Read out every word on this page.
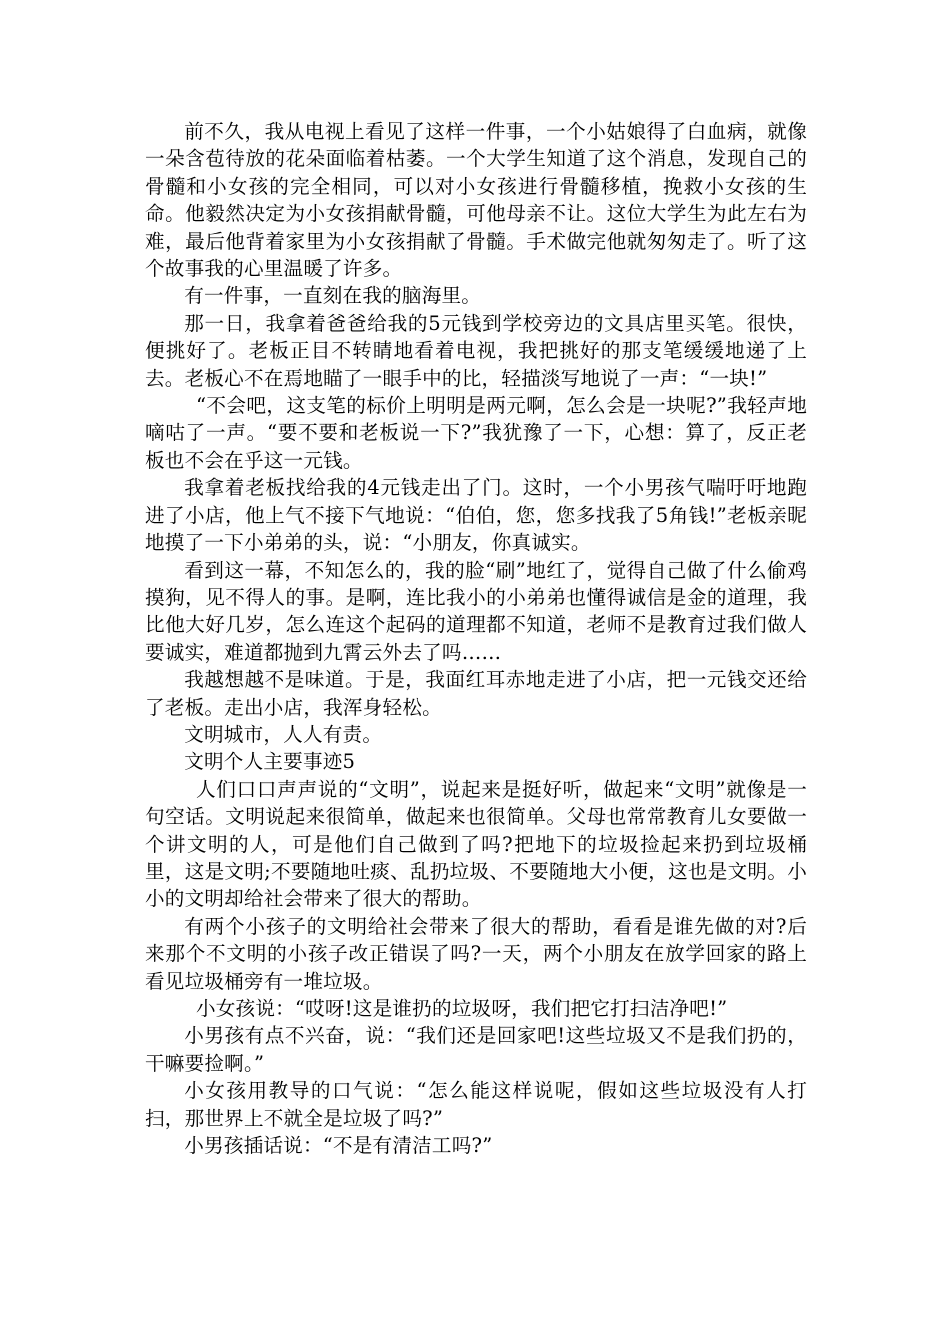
前不久，我从电视上看见了这样一件事，一个小姑娘得了白血病，就像一朵含苞待放的花朵面临着枯萎。一个大学生知道了这个消息，发现自己的骨髓和小女孩的完全相同，可以对小女孩进行骨髓移植，挽救小女孩的生命。他毅然决定为小女孩捐献骨髓，可他母亲不让。这位大学生为此左右为难，最后他背着家里为小女孩捐献了骨髓。手术做完他就匆匆走了。听了这个故事我的心里温暖了许多。

有一件事，一直刻在我的脑海里。

那一日，我拿着爸爸给我的5元钱到学校旁边的文具店里买笔。很快，便挑好了。老板正目不转睛地看着电视，我把挑好的那支笔缓缓地递了上去。老板心不在焉地瞄了一眼手中的比，轻描淡写地说了一声：“一块!”

“不会吧，这支笔的标价上明明是两元啊，怎么会是一块呢?”我轻声地嘀咕了一声。“要不要和老板说一下?”我犹豫了一下，心想：算了，反正老板也不会在乎这一元钱。

我拿着老板找给我的4元钱走出了门。这时，一个小男孩气喘吁吁地跑进了小店，他上气不接下气地说：“伯伯，您，您多找我了5角钱!”老板亲昵地摸了一下小弟弟的头，说：“小朋友，你真诚实。

看到这一幕，不知怎么的，我的脸“刷”地红了，觉得自己做了什么偷鸡摸狗，见不得人的事。是啊，连比我小的小弟弟也懂得诚信是金的道理，我比他大好几岁，怎么连这个起码的道理都不知道，老师不是教育过我们做人要诚实，难道都抛到九霄云外去了吗……

我越想越不是味道。于是，我面红耳赤地走进了小店，把一元钱交还给了老板。走出小店，我浑身轻松。

文明城市，人人有责。

文明个人主要事迹5

人们口口声声说的“文明”，说起来是挺好听，做起来“文明”就像是一句空话。文明说起来很简单，做起来也很简单。父母也常常教育儿女要做一个讲文明的人，可是他们自己做到了吗?把地下的垃圾捡起来扔到垃圾桶里，这是文明;不要随地吐痰、乱扔垃圾、不要随地大小便，这也是文明。小小的文明却给社会带来了很大的帮助。

有两个小孩子的文明给社会带来了很大的帮助，看看是谁先做的对?后来那个不文明的小孩子改正错误了吗?一天，两个小朋友在放学回家的路上看见垃圾桶旁有一堆垃圾。

小女孩说：“哎呀!这是谁扔的垃圾呀，我们把它打扫洁净吧!”

小男孩有点不兴奋，说：“我们还是回家吧!这些垃圾又不是我们扔的，干嘛要捡啊。”

小女孩用教导的口气说：“怎么能这样说呢，假如这些垃圾没有人打扫，那世界上不就全是垃圾了吗?”

小男孩插话说：“不是有清洁工吗?”
